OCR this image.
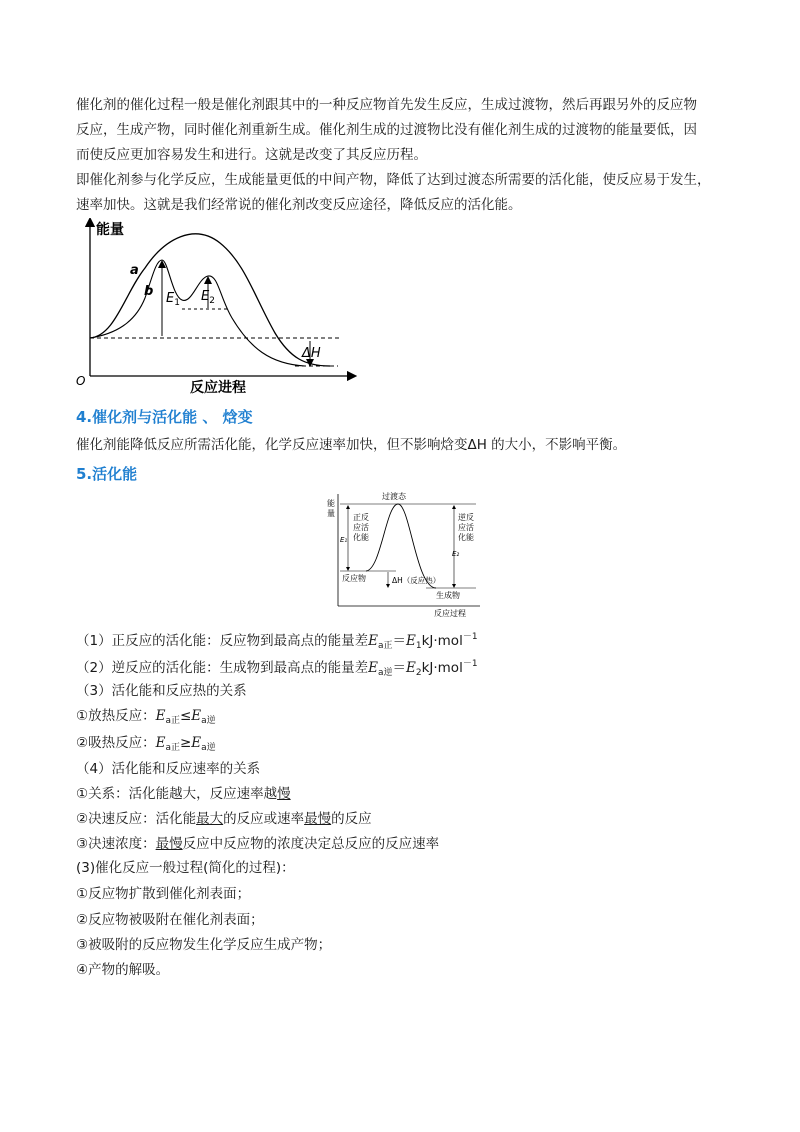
催化剂的催化过程一般是催化剂跟其中的一种反应物首先发生反应，生成过渡物，然后再跟另外的反应物
反应，生成产物，同时催化剂重新生成。催化剂生成的过渡物比没有催化剂生成的过渡物的能量要低，因
而使反应更加容易发生和进行。这就是改变了其反应历程。
即催化剂参与化学反应，生成能量更低的中间产物，降低了达到过渡态所需要的活化能，使反应易于发生，
速率加快。这就是我们经常说的催化剂改变反应途径，降低反应的活化能。
能量
O	反应进程
a
b $E_1$ $E_2$
ΔH
4.催化剂与活化能 、 焓变
催化剂能降低反应所需活化能，化学反应速率加快，但不影响焓变ΔH 的大小，不影响平衡。
5.活化能
能
量
过渡态
正反
应活
化能
E₁
逆反
应活
化能
E₂
反应物	ΔH（反应热）
生成物
反应过程
（1）正反应的活化能：反应物到最高点的能量差$E_{a正}=E_1kJ\cdot mol^{-1}$
（2）逆反应的活化能：生成物到最高点的能量差$E_{a逆}=E_2kJ\cdot mol^{-1}$
（3）活化能和反应热的关系
①放热反应：$E_{a正}\le E_{a逆}$
②吸热反应：$E_{a正}\ge E_{a逆}$
（4）活化能和反应速率的关系
①关系：活化能越大，反应速率越慢
②决速反应：活化能最大的反应或速率最慢的反应
③决速浓度：最慢反应中反应物的浓度决定总反应的反应速率
(3)催化反应一般过程(简化的过程)：
①反应物扩散到催化剂表面；
②反应物被吸附在催化剂表面；
③被吸附的反应物发生化学反应生成产物；
④产物的解吸。
